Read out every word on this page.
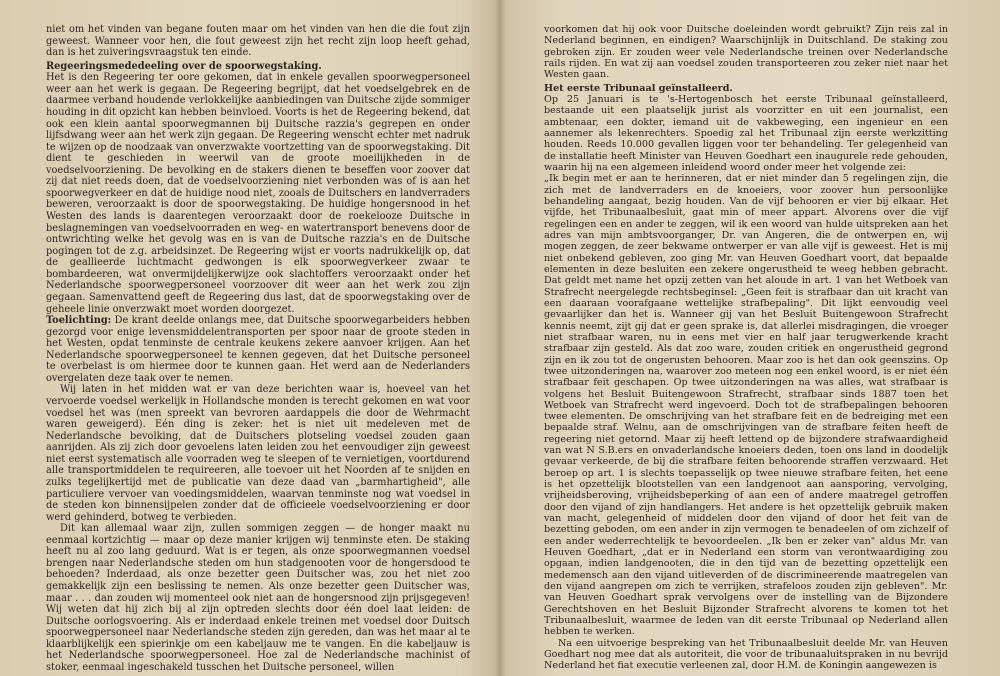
niet om het vinden van begane fouten maar om het vinden van hen die die fout zijn geweest. Wanneer voor hen, die fout geweest zijn het recht zijn loop heeft gehad, dan is het zuiveringsvraagstuk ten einde.

Regeeringsmededeeling over de spoorwegstaking.

Het is den Regeering ter oore gekomen, dat in enkele gevallen spoorwegpersoneel weer aan het werk is gegaan. De Regeering begrijpt, dat het voedselgebrek en de daarmee verband houdende verlokkelijke aanbiedingen van Duitsche zijde sommiger houding in dit opzicht kan hebben beinvloed. Voorts is het de Regeering bekend, dat ook een klein aantal spoorwegmannen bij Duitsche razzia's gegrepen en onder lijfsdwang weer aan het werk zijn gegaan. De Regeering wenscht echter met nadruk te wijzen op de noodzaak van onverzwakte voortzetting van de spoorwegstaking. Dit dient te geschieden in weerwil van de groote moeilijkheden in de voedselvoorziening. De bevolking en de stakers dienen te beseffen voor zoover dat zij dat niet reeds doen, dat de voedselvoorziening niet verbonden was of is aan het spoorwegverkeer en dat de huidige nood niet, zooals de Duitschers en landverraders beweren, veroorzaakt is door de spoorwegstaking. De huidige hongersnood in het Westen des lands is daarentegen veroorzaakt door de roekelooze Duitsche in beslagnemingen van voedselvoorraden en weg- en watertransport benevens door de ontwrichting welke het gevolg was en is van de Duitsche razzia's en de Duitsche pogingen tot de z.g. arbeidsinzet. De Regeering wijst er voorts nadrukkelijk op, dat de geallieerde luchtmacht gedwongen is elk spoorwegverkeer zwaar te bombardeeren, wat onvermijdelijkerwijze ook slachtoffers veroorzaakt onder het Nederlandsche spoorwegpersoneel voorzoover dit weer aan het werk zou zijn gegaan. Samenvattend geeft de Regeering dus last, dat de spoorwegstaking over de geheele linie onverzwakt moet worden doorgezet.

Toelichting: De krant deelde onlangs mee, dat Duitsche spoorwegarbeiders hebben gezorgd voor enige levensmiddelentransporten per spoor naar de groote steden in het Westen, opdat tenminste de centrale keukens zekere aanvoer krijgen. Aan het Nederlandsche spoorwegpersoneel te kennen gegeven, dat het Duitsche personeel te overbelast is om hiermee door te kunnen gaan. Het werd aan de Nederlanders overgelaten deze taak over te nemen.

Wij laten in het midden wat er van deze berichten waar is, hoeveel van het vervoerde voedsel werkelijk in Hollandsche monden is terecht gekomen en wat voor voedsel het was (men spreekt van bevroren aardappels die door de Wehrmacht waren geweigerd). Eén ding is zeker: het is niet uit medeleven met de Nederlandsche bevolking, dat de Duitschers plotseling voedsel zouden gaan aanrijden. Als zij zich door gevoelens laten leiden zou het eenvoudiger zijn geweest niet eerst systematisch alle voorraden weg te sleepen of te vernietigen, voortdurend alle transportmiddelen te requireeren, alle toevoer uit het Noorden af te snijden en zulks tegelijkertijd met de publicatie van deze daad van „barmhartigheid", alle particuliere vervoer van voedingsmiddelen, waarvan tenminste nog wat voedsel in de steden kon binnensijpelen zonder dat de officieele voedselvoorziening er door werd gehinderd, botweg te verbieden.

Dit kan allemaal waar zijn, zullen sommigen zeggen — de honger maakt nu eenmaal kortzichtig — maar op deze manier krijgen wij tenminste eten. De staking heeft nu al zoo lang geduurd. Wat is er tegen, als onze spoorwegmannen voedsel brengen naar Nederlandsche steden om hun stadgenooten voor de hongersdood te behoeden? Inderdaad, als onze bezetter geen Duitscher was, zou het niet zoo gemakkelijk zijn een beslissing te nemen. Als onze bezetter geen Duitscher was, maar . . . dan zouden wij momenteel ook niet aan de hongersnood zijn prijsgegeven! Wij weten dat hij zich bij al zijn optreden slechts door één doel laat leiden: de Duitsche oorlogsvoering. Als er inderdaad enkele treinen met voedsel door Duitsch spoorwegpersoneel naar Nederlandsche steden zijn gereden, dan was het maar al te klaarblijkelijk een spierinkje om een kabeljauw me te vangen. En die kabeljauw is het Nederlandsche spoorwegpersoneel. Hoe zal de Nederlandsche machinist of stoker, eenmaal ingeschakeld tusschen het Duitsche personeel, willen

voorkomen dat hij ook voor Duitsche doeleinden wordt gebruikt? Zijn reis zal in Nederland beginnen, en eindigen? Waarschijnlijk in Duitschland. De staking zou gebroken zijn. Er zouden weer vele Nederlandsche treinen over Nederlandsche rails rijden. En wat zij aan voedsel zouden transporteeren zou zeker niet naar het Westen gaan.

Het eerste Tribunaal geïnstalleerd.

Op 25 Januari is te 's-Hertogenbosch het eerste Tribunaal geïnstalleerd, bestaande uit een plaatselijk jurist als voorzitter en uit een journalist, een ambtenaar, een dokter, iemand uit de vakbeweging, een ingenieur en een aannemer als lekenrechters. Spoedig zal het Tribunaal zijn eerste werkzitting houden. Reeds 10.000 gevallen liggen voor ter behandeling. Ter gelegenheid van de installatie heeft Minister van Heuven Goedhart een inaugurele rede gehouden, waarin hij na een algemeen inleidend woord onder meer het volgende zei:

„Ik begin met er aan te herinneren, dat er niet minder dan 5 regelingen zijn, die zich met de landverraders en de knoeiers, voor zoover hun persoonlijke behandeling aangaat, bezig houden. Van de vijf behooren er vier bij elkaar. Het vijfde, het Tribunaalbesluit, gaat min of meer appart. Alvorens over die vijf regelingen een en ander te zeggen, wil ik een woord van hulde uitspreken aan het adres van mijn ambtsvoorganger, Dr. van Angeren, die de ontwerpen en, wij mogen zeggen, de zeer bekwame ontwerper er van alle vijf is geweest. Het is mij niet onbekend gebleven, zoo ging Mr. van Heuven Goedhart voort, dat bepaalde elementen in deze besluiten een zekere ongerustheid te weeg hebben gebracht. Dat geldt met name het opzij zetten van het aloude in art. 1 van het Wetboek van Strafrecht neergelegde rechtsbeginsel: „Geen feit is strafbaar dan uit kracht van een daaraan voorafgaane wettelijke strafbepaling". Dit lijkt eenvoudig veel gevaarlijker dan het is. Wanneer gij van het Besluit Buitengewoon Strafrecht kennis neemt, zijt gij dat er geen sprake is, dat allerlei misdragingen, die vroeger niet strafbaar waren, nu in eens met vier en half jaar terugwerkende kracht strafbaar zijn gesteld. Als dat zoo ware, zouden critiek en ongerustheid gegrond zijn en ik zou tot de ongerusten behooren. Maar zoo is het dan ook geenszins. Op twee uitzonderingen na, waarover zoo meteen nog een enkel woord, is er niet één strafbaar feit geschapen. Op twee uitzonderingen na was alles, wat strafbaar is volgens het Besluit Buitengewoon Strafrecht, strafbaar sinds 1887 toen het Wetboek van Strafrecht werd ingevoerd. Doch tot de strafbepalingen behooren twee elementen. De omschrijving van het strafbare feit en de bedreiging met een bepaalde straf. Welnu, aan de omschrijvingen van de strafbare feiten heeft de regeering niet getornd. Maar zij heeft lettend op de bijzondere strafwaardigheid van wat N S.B.ers en onvaderlandsche knoeiers deden, toen ons land in doodelijk gevaar verkeerde, de bij die strafbare feiten behoorende straffen verzwaard. Het beroep op art. 1 is slechts toepasselijk op twee nieuwe strafbare feiten, het eene is het opzettelijk blootstellen van een landgenoot aan aansporing, vervolging, vrijheidsberoving, vrijheidsbeperking of aan een of andere maatregel getroffen door den vijand of zijn handlangers. Het andere is het opzettelijk gebruik maken van macht, gelegenheid of middelen door den vijand of door het feit van de bezetting geboden, om een ander in zijn vermogen te benadeelen of om zichzelf of een ander wederrechtelijk te bevoordeelen. „Ik ben er zeker van" aldus Mr. van Heuven Goedhart, „dat er in Nederland een storm van verontwaardiging zou opgaan, indien landgenooten, die in den tijd van de bezetting opzettelijk een medemensch aan den vijand uitleverden of de discrimineerende maatregelen van den vijand aangrepen om zich te verrijken, strafeloos zouden zijn gebleven". Mr. van Heuven Goedhart sprak vervolgens over de instelling van de Bijzondere Gerechtshoven en het Besluit Bijzonder Strafrecht alvorens te komen tot het Tribunaalbesluit, waarmee de leden van dit eerste Tribunaal op Nederland allen hebben te werken.

Na een uitvoerige bespreking van het Tribunaalbesluit deelde Mr. van Heuven Goedhart nog mee dat als autoriteit, die voor de tribunaaluitspraken in nu bevrijd Nederland het fiat executie verleenen zal, door H.M. de Koningin aangewezen is
